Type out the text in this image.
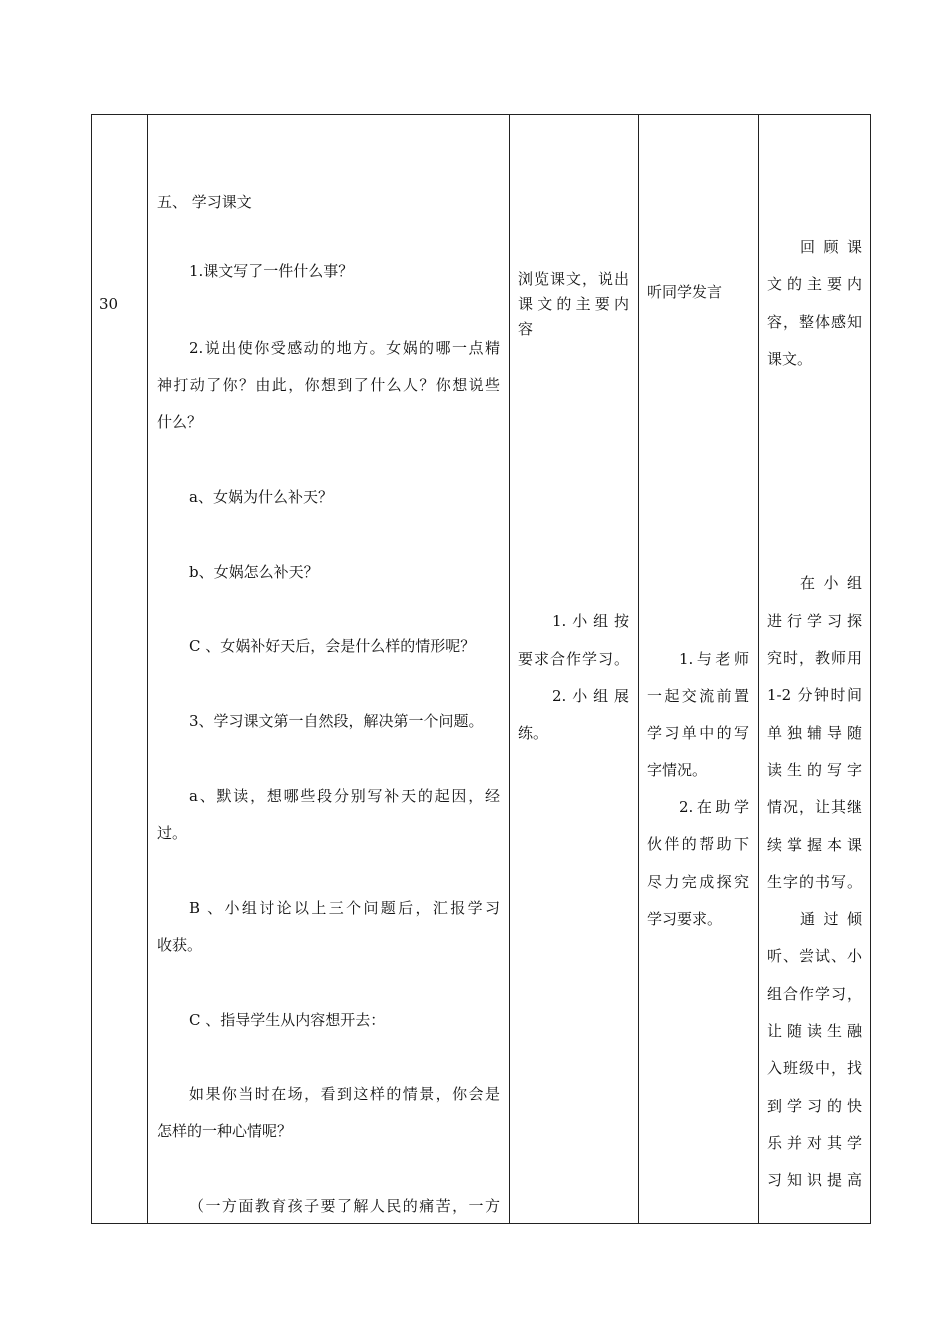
30
五、 学习课文
1.课文写了一件什么事？
2.说出使你受感动的地方。女娲的哪一点精
神打动了你？由此，你想到了什么人？你想说些
什么？
a、女娲为什么补天？
b、女娲怎么补天？
C 、女娲补好天后，会是什么样的情形呢？
3、学习课文第一自然段，解决第一个问题。
a、默读，想哪些段分别写补天的起因，经
过。
B 、小组讨论以上三个问题后，汇报学习
收获。
C 、指导学生从内容想开去：
如果你当时在场，看到这样的情景，你会是
怎样的一种心情呢？
（一方面教育孩子要了解人民的痛苦，一方
浏览课文，说出
课文的主要内
容
1.小组按
要求合作学习。
2.小组展
练。
听同学发言
1.与老师
一起交流前置
学习单中的写
字情况。
2.在助学
伙伴的帮助下
尽力完成探究
学习要求。
回顾课
文的主要内
容，整体感知
课文。
在小组
进行学习探
究时，教师用
1-2 分钟时间
单独辅导随
读生的写字
情况，让其继
续掌握本课
生字的书写。
通过倾
听、尝试、小
组合作学习，
让随读生融
入班级中，找
到学习的快
乐并对其学
习知识提高
